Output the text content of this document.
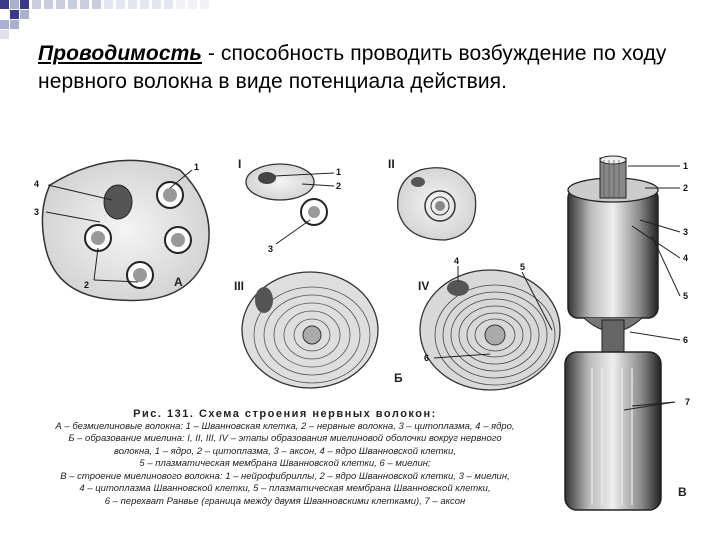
Проводимость - способность проводить возбуждение по ходу нервного волокна в виде потенциала действия.
1
4
3
2	А
1
2
3
I	II
III
4
5
6
IV
Б
1
2
3
4
5
6
7
В
Рис. 131. Схема строения нервных волокон:
А – безмиелиновые волокна: 1 – Шванновская клетка, 2 – нервные волокна, 3 – цитоплазма, 4 – ядро,
Б – образование миелина: I, II, III, IV – этапы образования миелиновой оболочки вокруг нервного
волокна, 1 – ядро, 2 – цитоплазма, 3 – аксон, 4 – ядро Шванновской клетки,
5 – плазматическая мембрана Шванновской клетки, 6 – миелин;
В – строение миелинового волокна: 1 – нейрофибриллы, 2 – ядро Шванновской клетки, 3 – миелин,
4 – цитоплазма Шванновской клетки, 5 – плазматическая мембрана Шванновской клетки,
6 – перехват Ранвье (граница между двумя Шванновскими клетками), 7 – аксон
